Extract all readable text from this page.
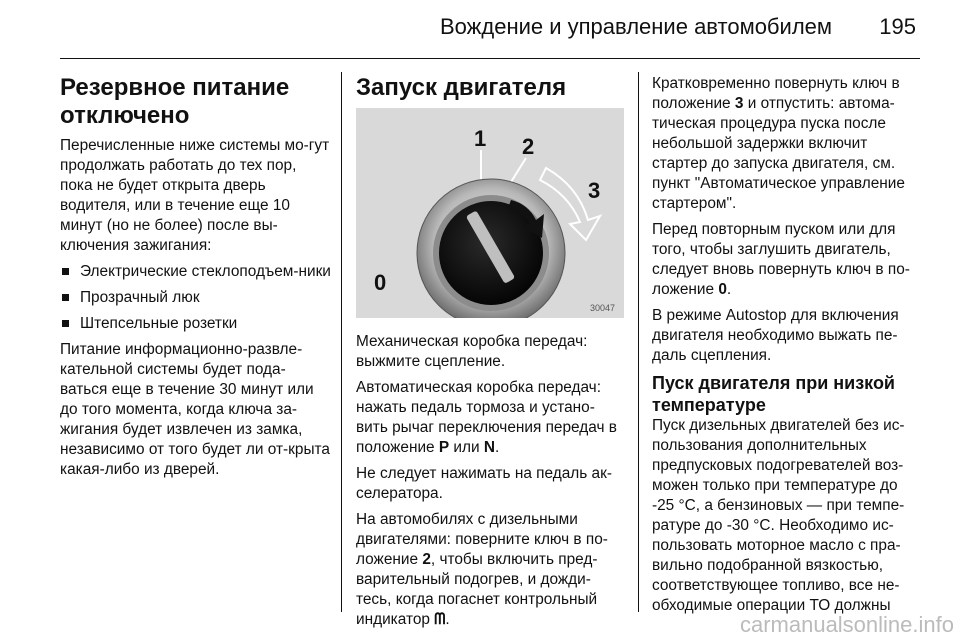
Вождение и управление автомобилем 195
Резервное питание
отключено

Перечисленные ниже системы мо-гут продолжать работать до тех пор, пока не будет открыта дверь водителя, или в течение еще 10 минут (но не более) после вы-ключения зажигания:

Электрические стеклоподъем-ники
Прозрачный люк
Штепсельные розетки

Питание информационно-развле-кательной системы будет пода-ваться еще в течение 30 минут или до того момента, когда ключа за-жигания будет извлечен из замка, независимо от того будет ли от-крыта какая-либо из дверей.

Запуск двигателя
0
1 2
3
30047

Механическая коробка передач: выжмите сцепление.

Автоматическая коробка передач: нажать педаль тормоза и устано-вить рычаг переключения передач в положение P или N.

Не следует нажимать на педаль ак-селератора.

На автомобилях с дизельными двигателями: поверните ключ в по-ложение 2, чтобы включить пред-варительный подогрев, и дожди-тесь, когда погаснет контрольный индикатор ᗰ.

Кратковременно повернуть ключ в положение 3 и отпустить: автома-тическая процедура пуска после небольшой задержки включит стартер до запуска двигателя, см. пункт "Автоматическое управление стартером".

Перед повторным пуском или для того, чтобы заглушить двигатель, следует вновь повернуть ключ в по-ложение 0.

В режиме Autostop для включения двигателя необходимо выжать пе-даль сцепления.

Пуск двигателя при низкой температуре

Пуск дизельных двигателей без ис-пользования дополнительных предпусковых подогревателей воз-можен только при температуре до -25 °C, а бензиновых — при темпе-ратуре до -30 °C. Необходимо ис-пользовать моторное масло с пра-вильно подобранной вязкостью, соответствующее топливо, все не-обходимые операции ТО должны

carmanualsonline.info
